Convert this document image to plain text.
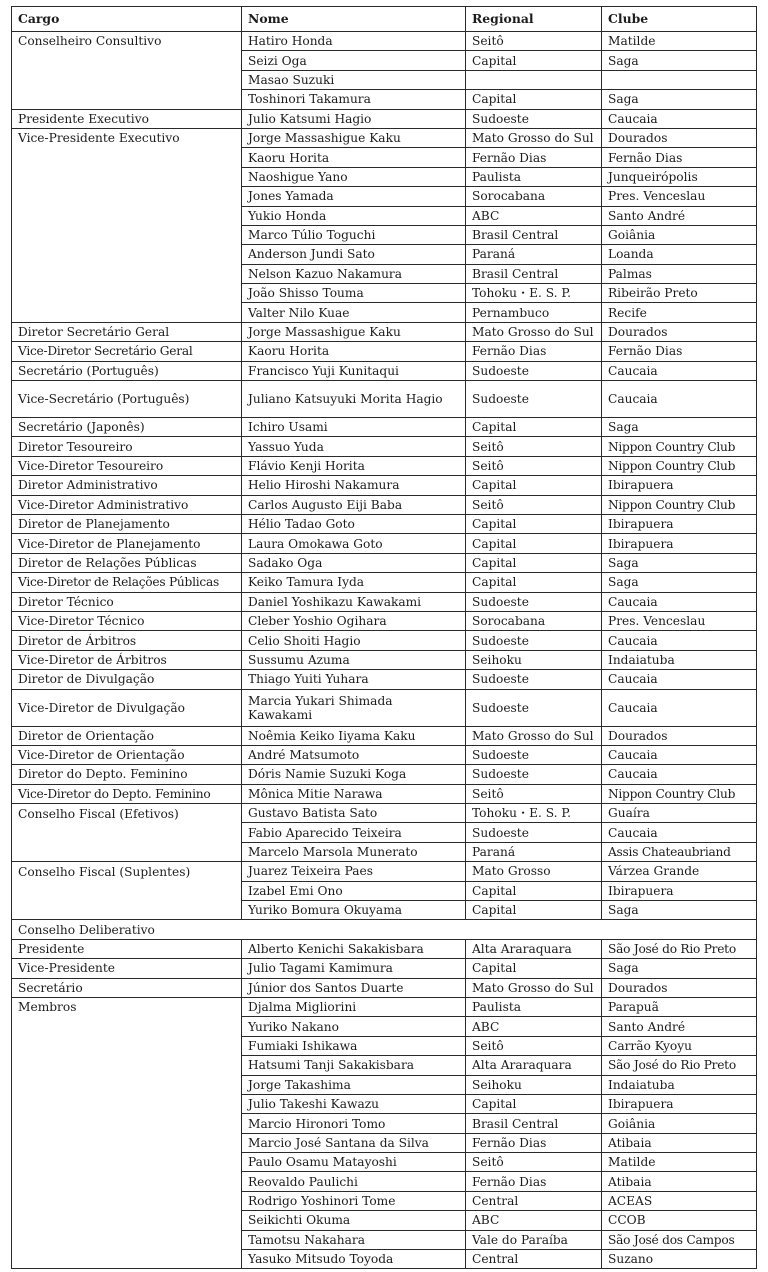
Cargo	Nome	Regional	Clube
Conselheiro Consultivo	Hatiro Honda	Seitô	Matilde
	Seizi Oga	Capital	Saga
	Masao Suzuki		
	Toshinori Takamura	Capital	Saga
Presidente Executivo	Julio Katsumi Hagio	Sudoeste	Caucaia
Vice-Presidente Executivo	Jorge Massashigue Kaku	Mato Grosso do Sul	Dourados
	Kaoru Horita	Fernão Dias	Fernão Dias
	Naoshigue Yano	Paulista	Junqueirópolis
	Jones Yamada	Sorocabana	Pres. Venceslau
	Yukio Honda	ABC	Santo André
	Marco Túlio Toguchi	Brasil Central	Goiânia
	Anderson Jundi Sato	Paraná	Loanda
	Nelson Kazuo Nakamura	Brasil Central	Palmas
	João Shisso Touma	Tohoku・E. S. P.	Ribeirão Preto
	Valter Nilo Kuae	Pernambuco	Recife
Diretor Secretário Geral	Jorge Massashigue Kaku	Mato Grosso do Sul	Dourados
Vice-Diretor Secretário Geral	Kaoru Horita	Fernão Dias	Fernão Dias
Secretário (Português)	Francisco Yuji Kunitaqui	Sudoeste	Caucaia
Vice-Secretário (Português)	Juliano Katsuyuki Morita Hagio	Sudoeste	Caucaia
Secretário (Japonês)	Ichiro Usami	Capital	Saga
Diretor Tesoureiro	Yassuo Yuda	Seitô	Nippon Country Club
Vice-Diretor Tesoureiro	Flávio Kenji Horita	Seitô	Nippon Country Club
Diretor Administrativo	Helio Hiroshi Nakamura	Capital	Ibirapuera
Vice-Diretor Administrativo	Carlos Augusto Eiji Baba	Seitô	Nippon Country Club
Diretor de Planejamento	Hélio Tadao Goto	Capital	Ibirapuera
Vice-Diretor de Planejamento	Laura Omokawa Goto	Capital	Ibirapuera
Diretor de Relações Públicas	Sadako Oga	Capital	Saga
Vice-Diretor de Relações Públicas	Keiko Tamura Iyda	Capital	Saga
Diretor Técnico	Daniel Yoshikazu Kawakami	Sudoeste	Caucaia
Vice-Diretor Técnico	Cleber Yoshio Ogihara	Sorocabana	Pres. Venceslau
Diretor de Árbitros	Celio Shoiti Hagio	Sudoeste	Caucaia
Vice-Diretor de Árbitros	Sussumu Azuma	Seihoku	Indaiatuba
Diretor de Divulgação	Thiago Yuiti Yuhara	Sudoeste	Caucaia
Vice-Diretor de Divulgação	Marcia Yukari Shimada Kawakami	Sudoeste	Caucaia
Diretor de Orientação	Noêmia Keiko Iiyama Kaku	Mato Grosso do Sul	Dourados
Vice-Diretor de Orientação	André Matsumoto	Sudoeste	Caucaia
Diretor do Depto. Feminino	Dóris Namie Suzuki Koga	Sudoeste	Caucaia
Vice-Diretor do Depto. Feminino	Mônica Mitie Narawa	Seitô	Nippon Country Club
Conselho Fiscal (Efetivos)	Gustavo Batista Sato	Tohoku・E. S. P.	Guaíra
	Fabio Aparecido Teixeira	Sudoeste	Caucaia
	Marcelo Marsola Munerato	Paraná	Assis Chateaubriand
Conselho Fiscal (Suplentes)	Juarez Teixeira Paes	Mato Grosso	Várzea Grande
	Izabel Emi Ono	Capital	Ibirapuera
	Yuriko Bomura Okuyama	Capital	Saga
Conselho Deliberativo			
Presidente	Alberto Kenichi Sakakisbara	Alta Araraquara	São José do Rio Preto
Vice-Presidente	Julio Tagami Kamimura	Capital	Saga
Secretário	Júnior dos Santos Duarte	Mato Grosso do Sul	Dourados
Membros	Djalma Migliorini	Paulista	Parapuã
	Yuriko Nakano	ABC	Santo André
	Fumiaki Ishikawa	Seitô	Carrão Kyoyu
	Hatsumi Tanji Sakakisbara	Alta Araraquara	São José do Rio Preto
	Jorge Takashima	Seihoku	Indaiatuba
	Julio Takeshi Kawazu	Capital	Ibirapuera
	Marcio Hironori Tomo	Brasil Central	Goiânia
	Marcio José Santana da Silva	Fernão Dias	Atibaia
	Paulo Osamu Matayoshi	Seitô	Matilde
	Reovaldo Paulichi	Fernão Dias	Atibaia
	Rodrigo Yoshinori Tome	Central	ACEAS
	Seikichti Okuma	ABC	CCOB
	Tamotsu Nakahara	Vale do Paraíba	São José dos Campos
	Yasuko Mitsudo Toyoda	Central	Suzano
